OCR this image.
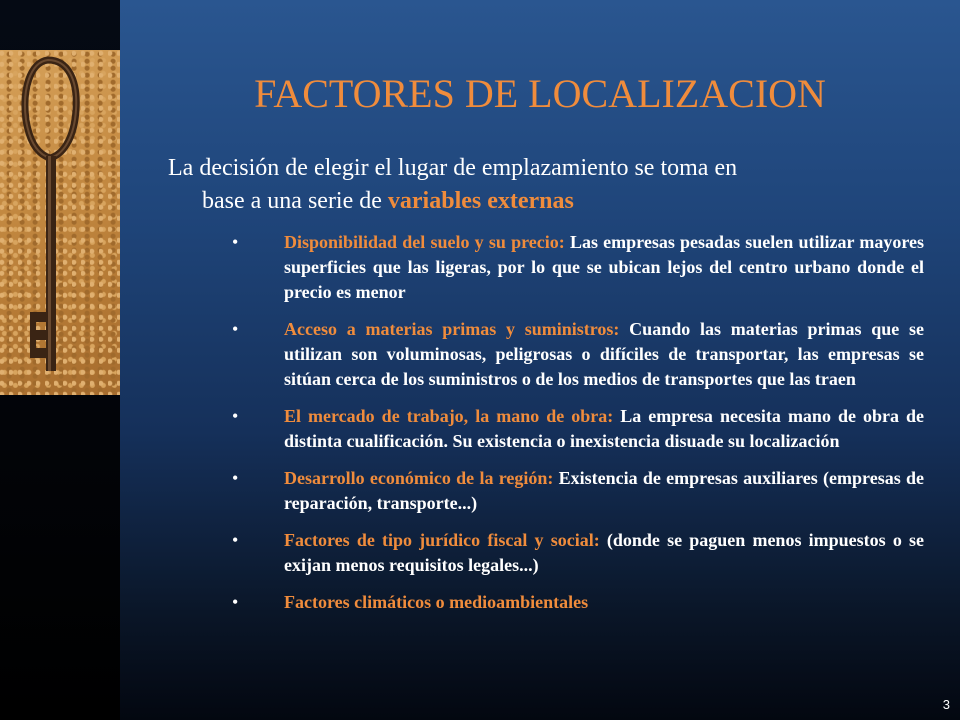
FACTORES DE LOCALIZACION

La decisión de elegir el lugar de emplazamiento se toma en
base a una serie de variables externas

•	Disponibilidad del suelo y su precio: Las empresas pesadas suelen utilizar mayores superficies que las ligeras, por lo que se ubican lejos del centro urbano donde el precio es menor
•	Acceso a materias primas y suministros: Cuando las materias primas que se utilizan son voluminosas, peligrosas o difíciles de transportar, las empresas se sitúan cerca de los suministros o de los medios de transportes que las traen
•	El mercado de trabajo, la mano de obra: La empresa necesita mano de obra de distinta cualificación. Su existencia o inexistencia disuade su localización
•	Desarrollo económico de la región: Existencia de empresas auxiliares (empresas de reparación, transporte...)
•	Factores de tipo jurídico fiscal y social: (donde se paguen menos impuestos o se exijan menos requisitos legales...)
•	Factores climáticos o medioambientales
3
